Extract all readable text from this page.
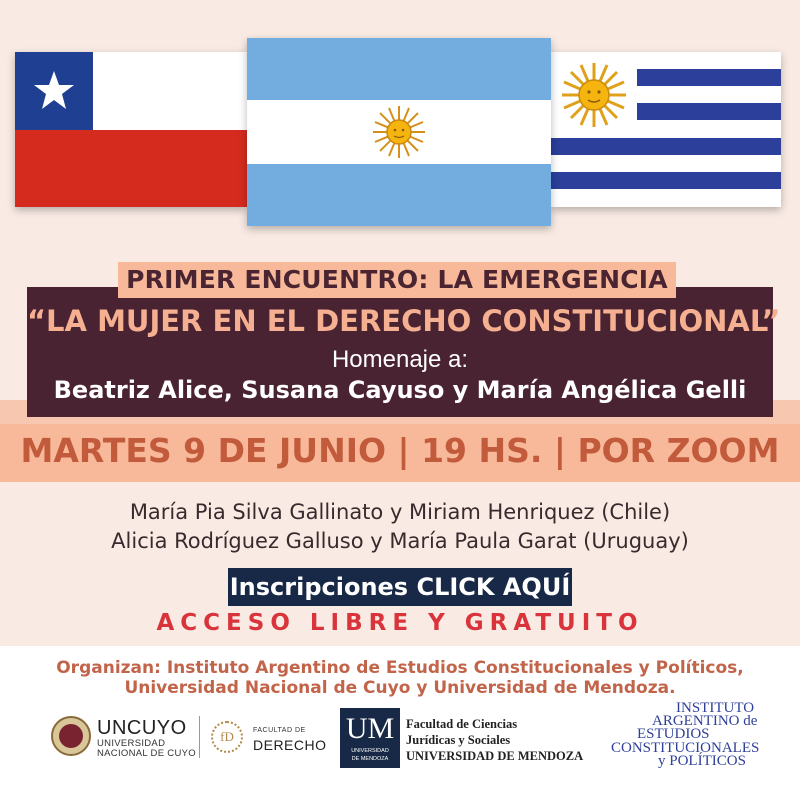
PRIMER ENCUENTRO: LA EMERGENCIA
“LA MUJER EN EL DERECHO CONSTITUCIONAL”
Homenaje a:
Beatriz Alice, Susana Cayuso y María Angélica Gelli
MARTES 9 DE JUNIO | 19 HS. | POR ZOOM
María Pia Silva Gallinato y Miriam Henriquez (Chile)
Alicia Rodríguez Galluso y María Paula Garat (Uruguay)
Inscripciones CLICK AQUÍ
ACCESO LIBRE Y GRATUITO
Organizan: Instituto Argentino de Estudios Constitucionales y Políticos,
Universidad Nacional de Cuyo y Universidad de Mendoza.
UNCUYO
UNIVERSIDAD
NACIONAL DE CUYO
fD	FACULTAD DE
DERECHO UM
UNIVERSIDAD
DE MENDOZA
Facultad de Ciencias
Jurídicas y Sociales
UNIVERSIDAD DE MENDOZA
INSTITUTO
ARGENTINO de
ESTUDIOS
CONSTITUCIONALES
y POLÍTICOS
